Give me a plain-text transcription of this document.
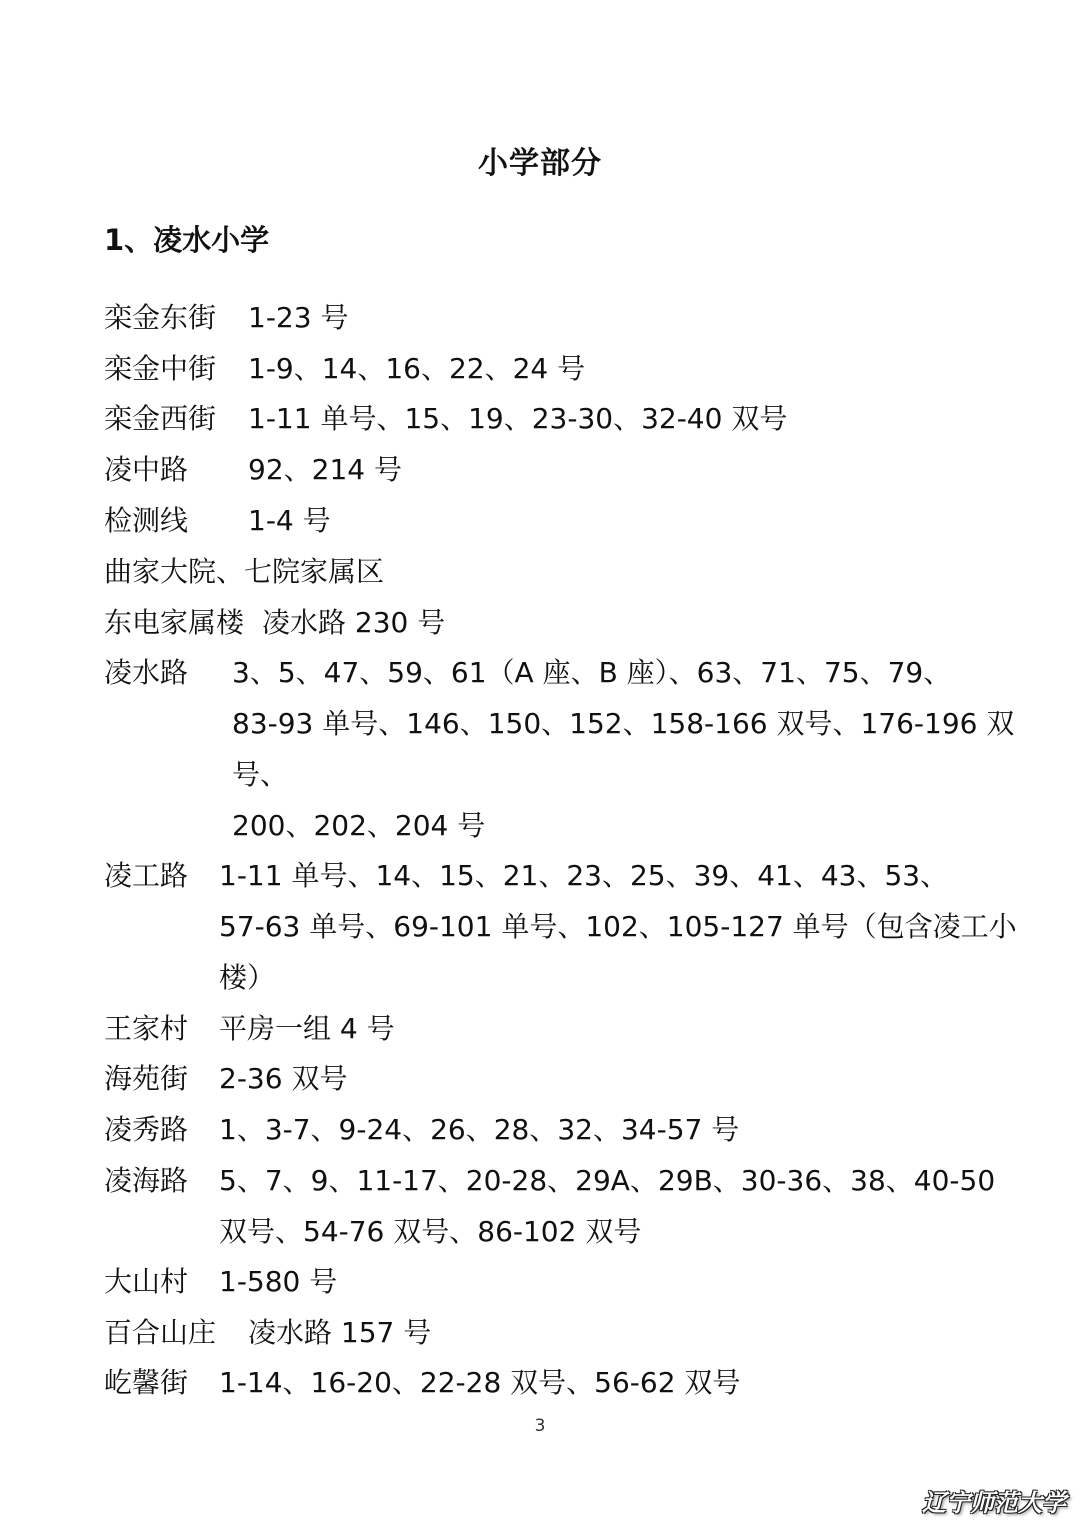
小学部分
1、凌水小学
栾金东街 1-23 号
栾金中街 1-9、14、16、22、24 号
栾金西街 1-11 单号、15、19、23-30、32-40 双号
凌中路 92、214 号
检测线 1-4 号
曲家大院、七院家属区
东电家属楼 凌水路 230 号
凌水路 3、5、47、59、61（A 座、B 座）、63、71、75、79、
83-93 单号、146、150、152、158-166 双号、176-196 双
号、
200、202、204 号
凌工路 1-11 单号、14、15、21、23、25、39、41、43、53、
57-63 单号、69-101 单号、102、105-127 单号（包含凌工小
楼）
王家村 平房一组 4 号
海苑街 2-36 双号
凌秀路 1、3-7、9-24、26、28、32、34-57 号
凌海路 5、7、9、11-17、20-28、29A、29B、30-36、38、40-50
双号、54-76 双号、86-102 双号
大山村 1-580 号
百合山庄 凌水路 157 号
屹馨街 1-14、16-20、22-28 双号、56-62 双号
3
辽宁师范大学
